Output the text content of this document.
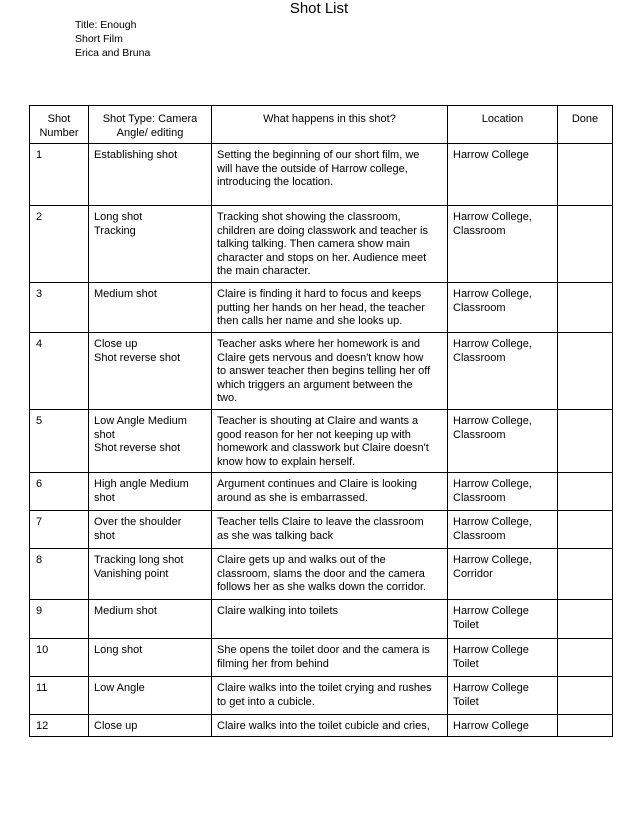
Shot List
Title: Enough
Short Film
Erica and Bruna
Shot
Number	Shot Type: Camera
Angle/ editing	What happens in this shot?	Location	Done

1	Establishing shot	Setting the beginning of our short film, we
will have the outside of Harrow college,
introducing the location.	Harrow College	

2	Long shot
Tracking	Tracking shot showing the classroom,
children are doing classwork and teacher is
talking talking. Then camera show main
character and stops on her. Audience meet
the main character.	Harrow College,
Classroom	

3	Medium shot	Claire is finding it hard to focus and keeps
putting her hands on her head, the teacher
then calls her name and she looks up.	Harrow College,
Classroom	

4	Close up
Shot reverse shot	Teacher asks where her homework is and
Claire gets nervous and doesn't know how
to answer teacher then begins telling her off
which triggers an argument between the
two.	Harrow College,
Classroom	

5	Low Angle Medium
shot
Shot reverse shot	Teacher is shouting at Claire and wants a
good reason for her not keeping up with
homework and classwork but Claire doesn't
know how to explain herself.	Harrow College,
Classroom	

6	High angle Medium
shot	Argument continues and Claire is looking
around as she is embarrassed.	Harrow College,
Classroom	

7	Over the shoulder
shot	Teacher tells Claire to leave the classroom
as she was talking back	Harrow College,
Classroom	

8	Tracking long shot
Vanishing point	Claire gets up and walks out of the
classroom, slams the door and the camera
follows her as she walks down the corridor.	Harrow College,
Corridor	

9	Medium shot	Claire walking into toilets	Harrow College
Toilet	

10	Long shot	She opens the toilet door and the camera is
filming her from behind	Harrow College
Toilet	

11	Low Angle	Claire walks into the toilet crying and rushes
to get into a cubicle.	Harrow College
Toilet	

12	Close up	Claire walks into the toilet cubicle and cries,	Harrow College	
